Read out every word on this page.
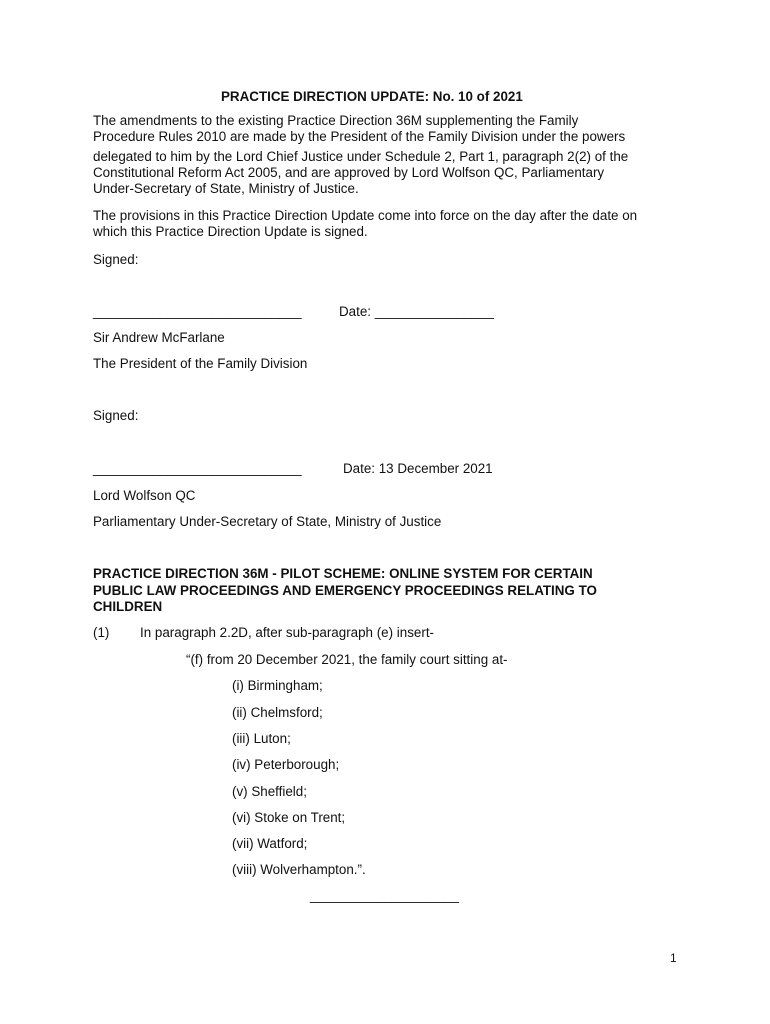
PRACTICE DIRECTION UPDATE: No. 10 of 2021
The amendments to the existing Practice Direction 36M supplementing the Family
Procedure Rules 2010 are made by the President of the Family Division under the powers
delegated to him by the Lord Chief Justice under Schedule 2, Part 1, paragraph 2(2) of the
Constitutional Reform Act 2005, and are approved by Lord Wolfson QC, Parliamentary
Under-Secretary of State, Ministry of Justice.
The provisions in this Practice Direction Update come into force on the day after the date on
which this Practice Direction Update is signed.
Signed:
____________________________	Date: ________________
Sir Andrew McFarlane
The President of the Family Division
Signed:
____________________________	Date: 13 December 2021
Lord Wolfson QC
Parliamentary Under-Secretary of State, Ministry of Justice
PRACTICE DIRECTION 36M - PILOT SCHEME: ONLINE SYSTEM FOR CERTAIN
PUBLIC LAW PROCEEDINGS AND EMERGENCY PROCEEDINGS RELATING TO
CHILDREN
(1) In paragraph 2.2D, after sub-paragraph (e) insert-
“(f) from 20 December 2021, the family court sitting at-
(i) Birmingham;
(ii) Chelmsford;
(iii) Luton;
(iv) Peterborough;
(v) Sheffield;
(vi) Stoke on Trent;
(vii) Watford;
(viii) Wolverhampton.”.
____________________
1
